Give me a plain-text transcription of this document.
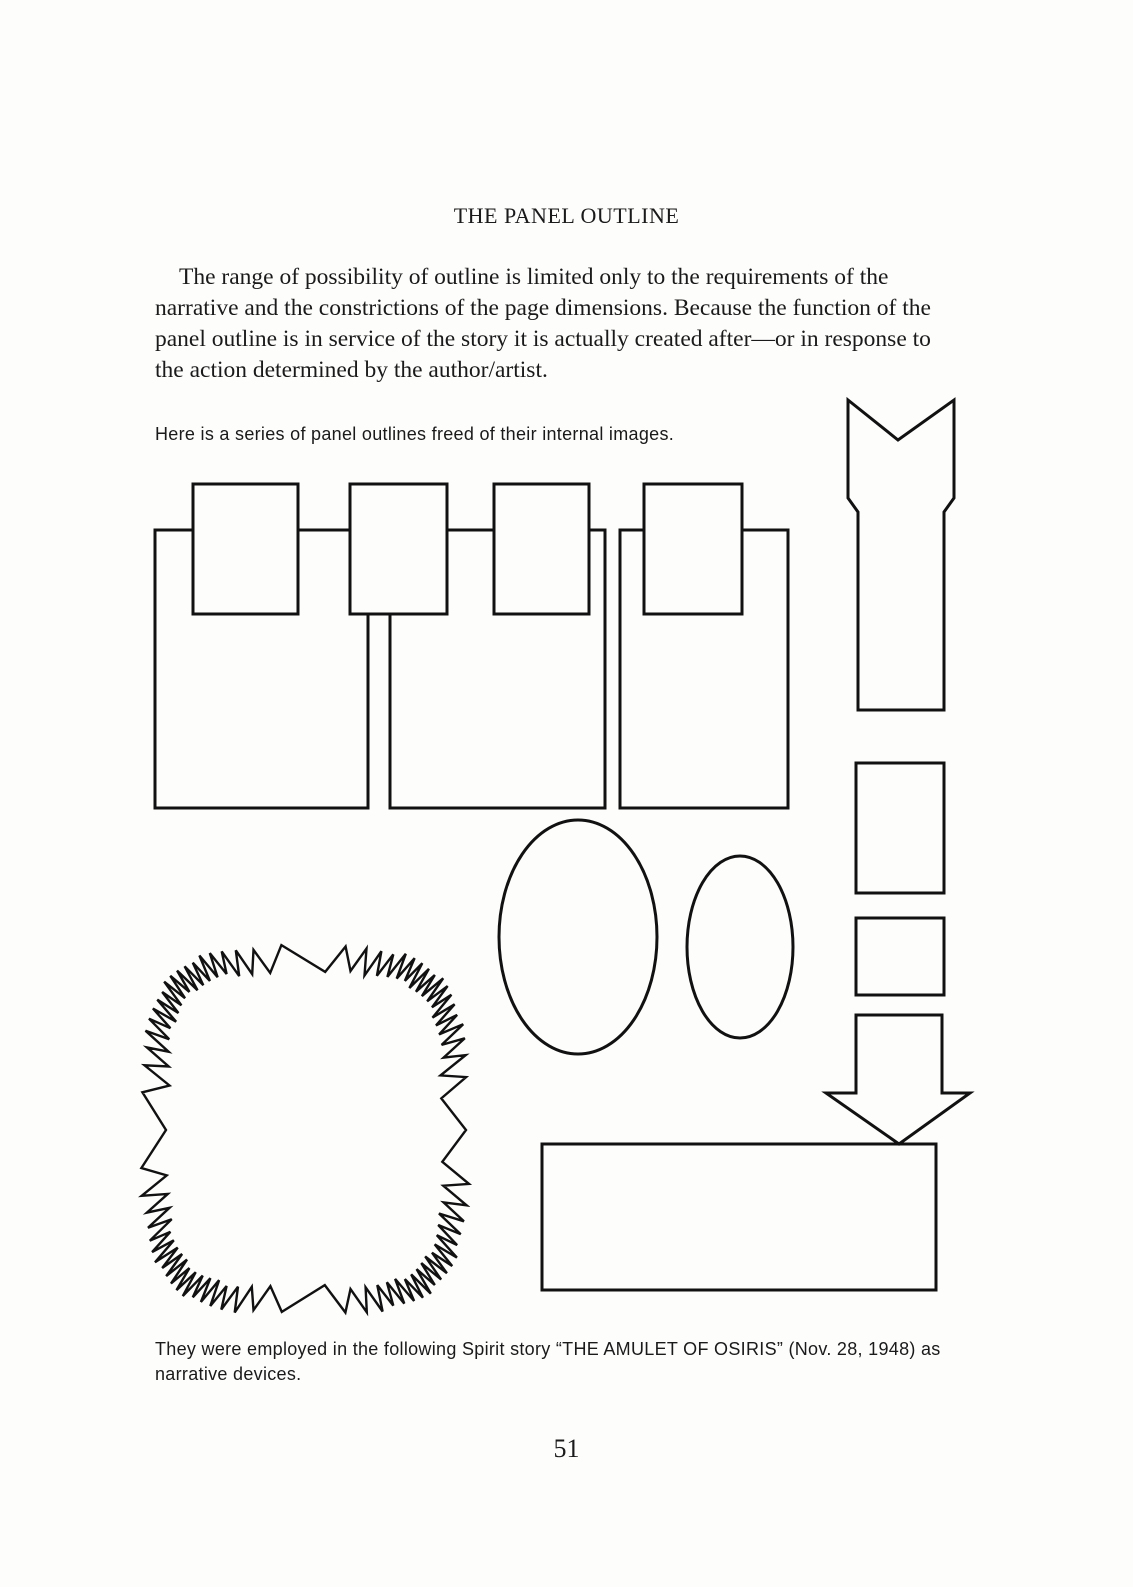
THE PANEL OUTLINE

The range of possibility of outline is limited only to the requirements of the narrative and the constrictions of the page dimensions. Because the function of the panel outline is in service of the story it is actually created after—or in response to the action determined by the author/artist.

Here is a series of panel outlines freed of their internal images.

They were employed in the following Spirit story “THE AMULET OF OSIRIS” (Nov. 28, 1948) as narrative devices.

51
